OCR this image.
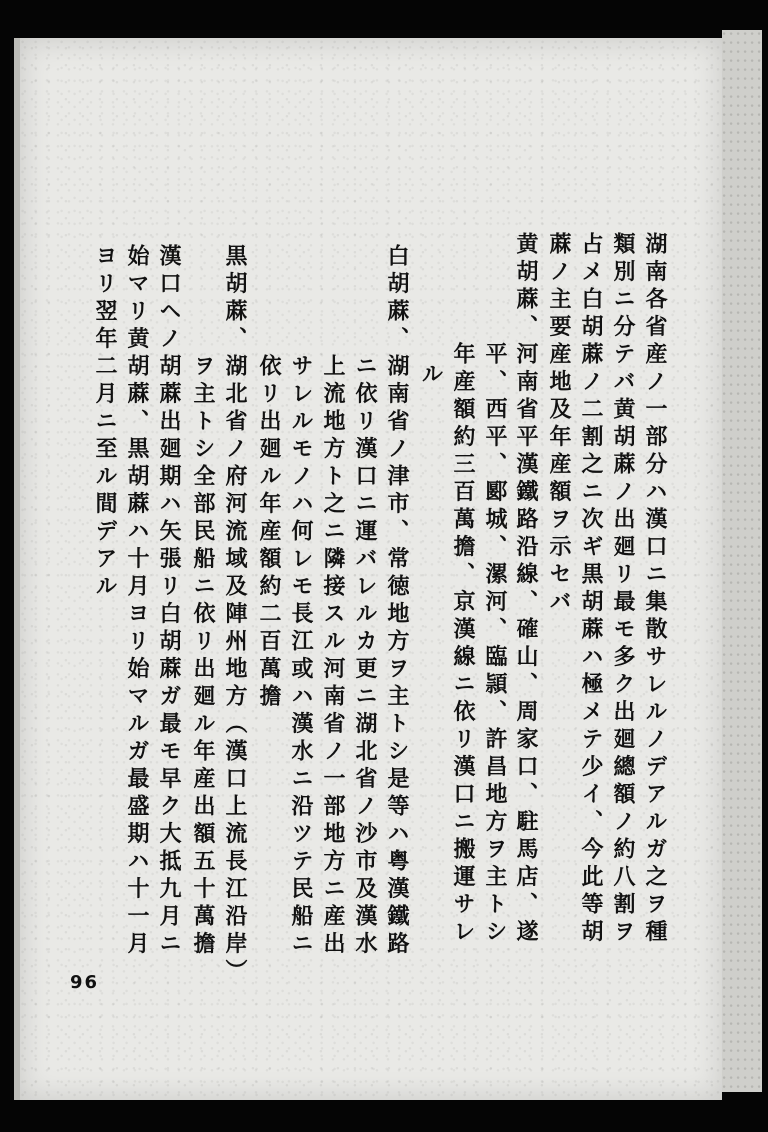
湖南各省産ノ一部分ハ漢口ニ集散サレルノデアルガ之ヲ種
類別ニ分テバ黄胡蔴ノ出廻リ最モ多ク出廻總額ノ約八割ヲ
占メ白胡蔴ノ二割之ニ次ギ黒胡蔴ハ極メテ少イ、今此等胡
蔴ノ主要産地及年産額ヲ示セバ
黄胡蔴、河南省平漢鐵路沿線、確山、周家口、駐馬店、遂
平、西平、郾城、漯河、臨頴、許昌地方ヲ主トシ
年産額約三百萬擔、京漢線ニ依リ漢口ニ搬運サレ
ル
白胡蔴、湖南省ノ津市、常徳地方ヲ主トシ是等ハ粤漢鐵路
ニ依リ漢口ニ運バレルカ更ニ湖北省ノ沙市及漢水
上流地方ト之ニ隣接スル河南省ノ一部地方ニ産出
サレルモノハ何レモ長江或ハ漢水ニ沿ツテ民船ニ
依リ出廻ル年産額約二百萬擔
黒胡蔴、湖北省ノ府河流域及陣州地方（漢口上流長江沿岸）
ヲ主トシ全部民船ニ依リ出廻ル年産出額五十萬擔
漢口ヘノ胡蔴出廻期ハ矢張リ白胡蔴ガ最モ早ク大抵九月ニ
始マリ黄胡蔴、黒胡蔴ハ十月ヨリ始マルガ最盛期ハ十一月
ヨリ翌年二月ニ至ル間デアル
96
